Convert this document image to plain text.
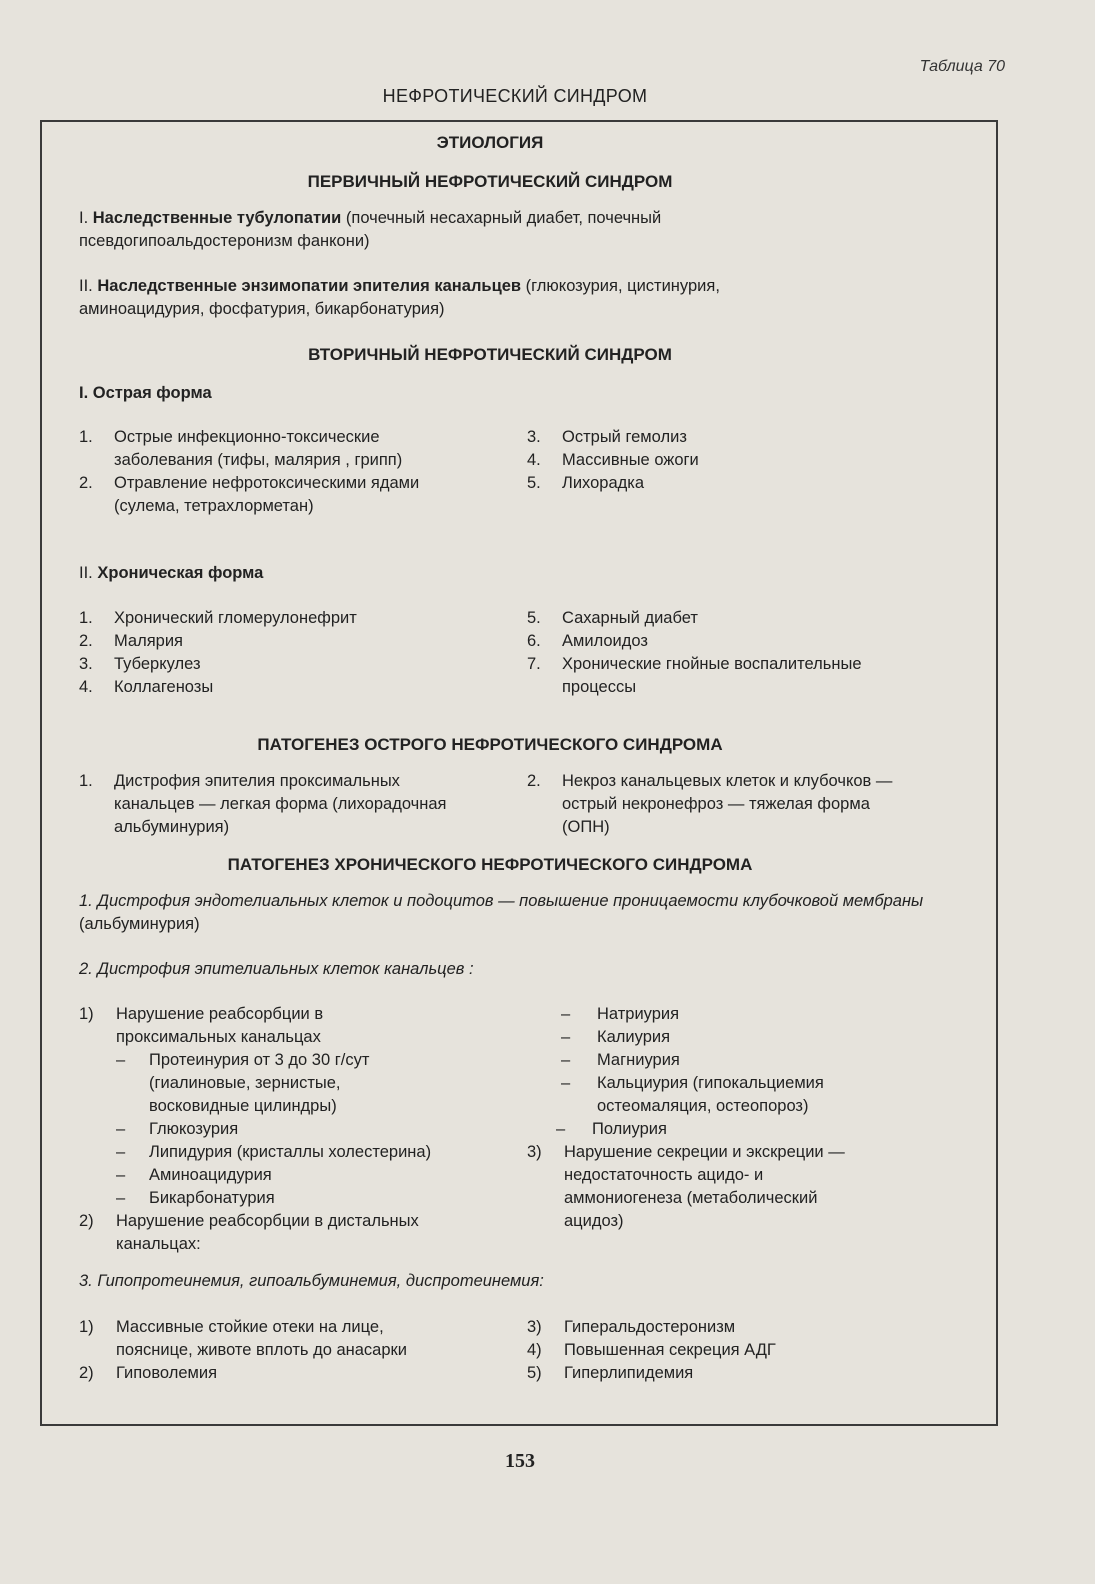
Таблица 70
НЕФРОТИЧЕСКИЙ СИНДРОМ
ЭТИОЛОГИЯ
ПЕРВИЧНЫЙ НЕФРОТИЧЕСКИЙ СИНДРОМ
I. Наследственные тубулопатии (почечный несахарный диабет, почечный
псевдогипоальдостеронизм фанкони)
II. Наследственные энзимопатии эпителия канальцев (глюкозурия, цистинурия,
аминоацидурия, фосфатурия, бикарбонатурия)
ВТОРИЧНЫЙ НЕФРОТИЧЕСКИЙ СИНДРОМ
I. Острая форма
1. Острые инфекционно-токсические заболевания (тифы, малярия , грипп)
2. Отравление нефротоксическими ядами (сулема, тетрахлорметан)
3. Острый гемолиз
4. Массивные ожоги
5. Лихорадка
II. Хроническая форма
1. Хронический гломерулонефрит
2. Малярия
3. Туберкулез
4. Коллагенозы
5. Сахарный диабет
6. Амилоидоз
7. Хронические гнойные воспалительные процессы
ПАТОГЕНЕЗ ОСТРОГО НЕФРОТИЧЕСКОГО СИНДРОМА
1. Дистрофия эпителия проксимальных канальцев — легкая форма (лихорадочная альбуминурия)
2. Некроз канальцевых клеток и клубочков — острый некронефроз — тяжелая форма (ОПН)
ПАТОГЕНЕЗ ХРОНИЧЕСКОГО НЕФРОТИЧЕСКОГО СИНДРОМА
1. Дистрофия эндотелиальных клеток и подоцитов — повышение проницаемости клубочковой мембраны (альбуминурия)
2. Дистрофия эпителиальных клеток канальцев :
1) Нарушение реабсорбции в проксимальных канальцах
– Протеинурия от 3 до 30 г/сут (гиалиновые, зернистые, восковидные цилиндры)
– Глюкозурия
– Липидурия (кристаллы холестерина)
– Аминоацидурия
– Бикарбонатурия
2) Нарушение реабсорбции в дистальных канальцах:
– Натриурия
– Калиурия
– Магниурия
– Кальциурия (гипокальциемия остеомаляция, остеопороз)
– Полиурия
3) Нарушение секреции и экскреции — недостаточность ацидо- и аммониогенеза (метаболический ацидоз)
3. Гипопротеинемия, гипоальбуминемия, диспротеинемия:
1) Массивные стойкие отеки на лице, пояснице, животе вплоть до анасарки
2) Гиповолемия
3) Гиперальдостеронизм
4) Повышенная секреция АДГ
5) Гиперлипидемия
153
